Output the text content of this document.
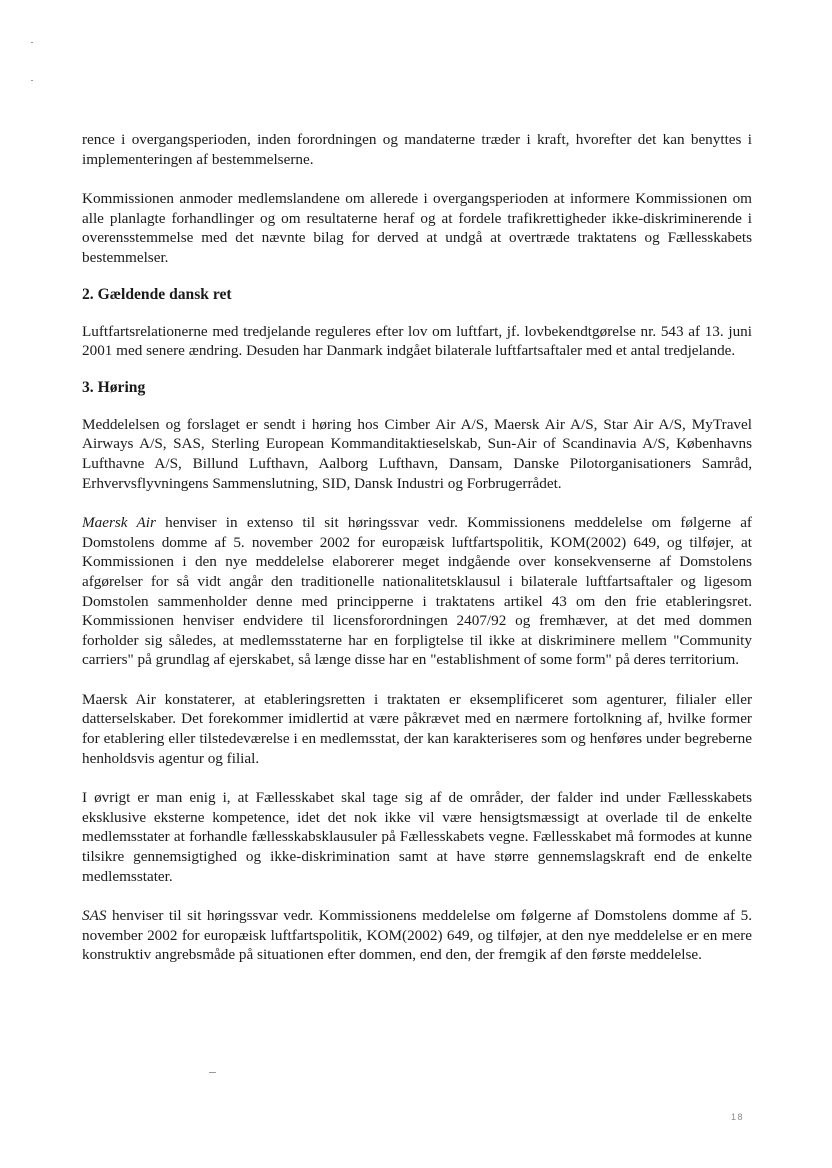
rence i overgangsperioden, inden forordningen og mandaterne træder i kraft, hvorefter det kan benyttes i implementeringen af bestemmelserne.

Kommissionen anmoder medlemslandene om allerede i overgangsperioden at informere Kommissionen om alle planlagte forhandlinger og om resultaterne heraf og at fordele trafikrettigheder ikke-diskriminerende i overensstemmelse med det nævnte bilag for derved at undgå at overtræde traktatens og Fællesskabets bestemmelser.

2. Gældende dansk ret

Luftfartsrelationerne med tredjelande reguleres efter lov om luftfart, jf. lovbekendtgørelse nr. 543 af 13. juni 2001 med senere ændring. Desuden har Danmark indgået bilaterale luftfartsaftaler med et antal tredjelande.

3. Høring

Meddelelsen og forslaget er sendt i høring hos Cimber Air A/S, Maersk Air A/S, Star Air A/S, MyTravel Airways A/S, SAS, Sterling European Kommanditaktieselskab, Sun-Air of Scandinavia A/S, Københavns Lufthavne A/S, Billund Lufthavn, Aalborg Lufthavn, Dansam, Danske Pilotorganisationers Samråd, Erhvervsflyvningens Sammenslutning, SID, Dansk Industri og Forbrugerrådet.

Maersk Air henviser in extenso til sit høringssvar vedr. Kommissionens meddelelse om følgerne af Domstolens domme af 5. november 2002 for europæisk luftfartspolitik, KOM(2002) 649, og tilføjer, at Kommissionen i den nye meddelelse elaborerer meget indgående over konsekvenserne af Domstolens afgørelser for så vidt angår den traditionelle nationalitetsklausul i bilaterale luftfartsaftaler og ligesom Domstolen sammenholder denne med principperne i traktatens artikel 43 om den frie etableringsret. Kommissionen henviser endvidere til licensforordningen 2407/92 og fremhæver, at det med dommen forholder sig således, at medlemsstaterne har en forpligtelse til ikke at diskriminere mellem "Community carriers" på grundlag af ejerskabet, så længe disse har en "establishment of some form" på deres territorium.

Maersk Air konstaterer, at etableringsretten i traktaten er eksemplificeret som agenturer, filialer eller datterselskaber. Det forekommer imidlertid at være påkrævet med en nærmere fortolkning af, hvilke former for etablering eller tilstedeværelse i en medlemsstat, der kan karakteriseres som og henføres under begreberne henholdsvis agentur og filial.

I øvrigt er man enig i, at Fællesskabet skal tage sig af de områder, der falder ind under Fællesskabets eksklusive eksterne kompetence, idet det nok ikke vil være hensigtsmæssigt at overlade til de enkelte medlemsstater at forhandle fællesskabsklausuler på Fællesskabets vegne. Fællesskabet må formodes at kunne tilsikre gennemsigtighed og ikke-diskrimination samt at have større gennemslagskraft end de enkelte medlemsstater.

SAS henviser til sit høringssvar vedr. Kommissionens meddelelse om følgerne af Domstolens domme af 5. november 2002 for europæisk luftfartspolitik, KOM(2002) 649, og tilføjer, at den nye meddelelse er en mere konstruktiv angrebsmåde på situationen efter dommen, end den, der fremgik af den første meddelelse.

18
